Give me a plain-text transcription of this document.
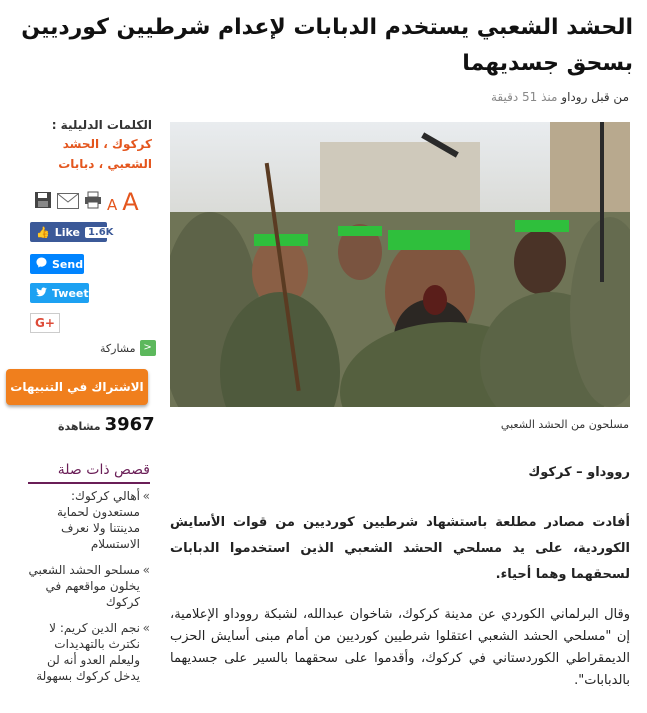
الحشد الشعبي يستخدم الدبابات لإعدام شرطيين كورديين بسحق جسديهما
من قبل روداو منذ 51 دقيقة
الكلمات الدليلية :
كركوك ، الحشد الشعبي ، دبابات
A A
👍 Like 1.6K
Send
Tweet
G+
<
مشاركة
الاشتراك في التنبيهات
3967
مشاهدة
قصص ذات صلة
» أهالي كركوك: مستعدون لحماية مدينتنا ولا نعرف الاستسلام
» مسلحو الحشد الشعبي يخلون مواقعهم في كركوك
» نجم الدين كريم: لا نكترث بالتهديدات وليعلم العدو أنه لن يدخل كركوك بسهولة
مسلحون من الحشد الشعبي
رووداو – كركوك

أفادت مصادر مطلعة باستشهاد شرطيين كورديين من قوات الأسايش الكوردية، على يد مسلحي الحشد الشعبي الذين استخدموا الدبابات لسحقهما وهما أحياء.

وقال البرلماني الكوردي عن مدينة كركوك، شاخوان عبدالله، لشبكة رووداو الإعلامية، إن "مسلحي الحشد الشعبي اعتقلوا شرطيين كورديين من أمام مبنى أسايش الحزب الديمقراطي الكوردستاني في كركوك، وأقدموا على سحقهما بالسير على جسديهما بالدبابات".
